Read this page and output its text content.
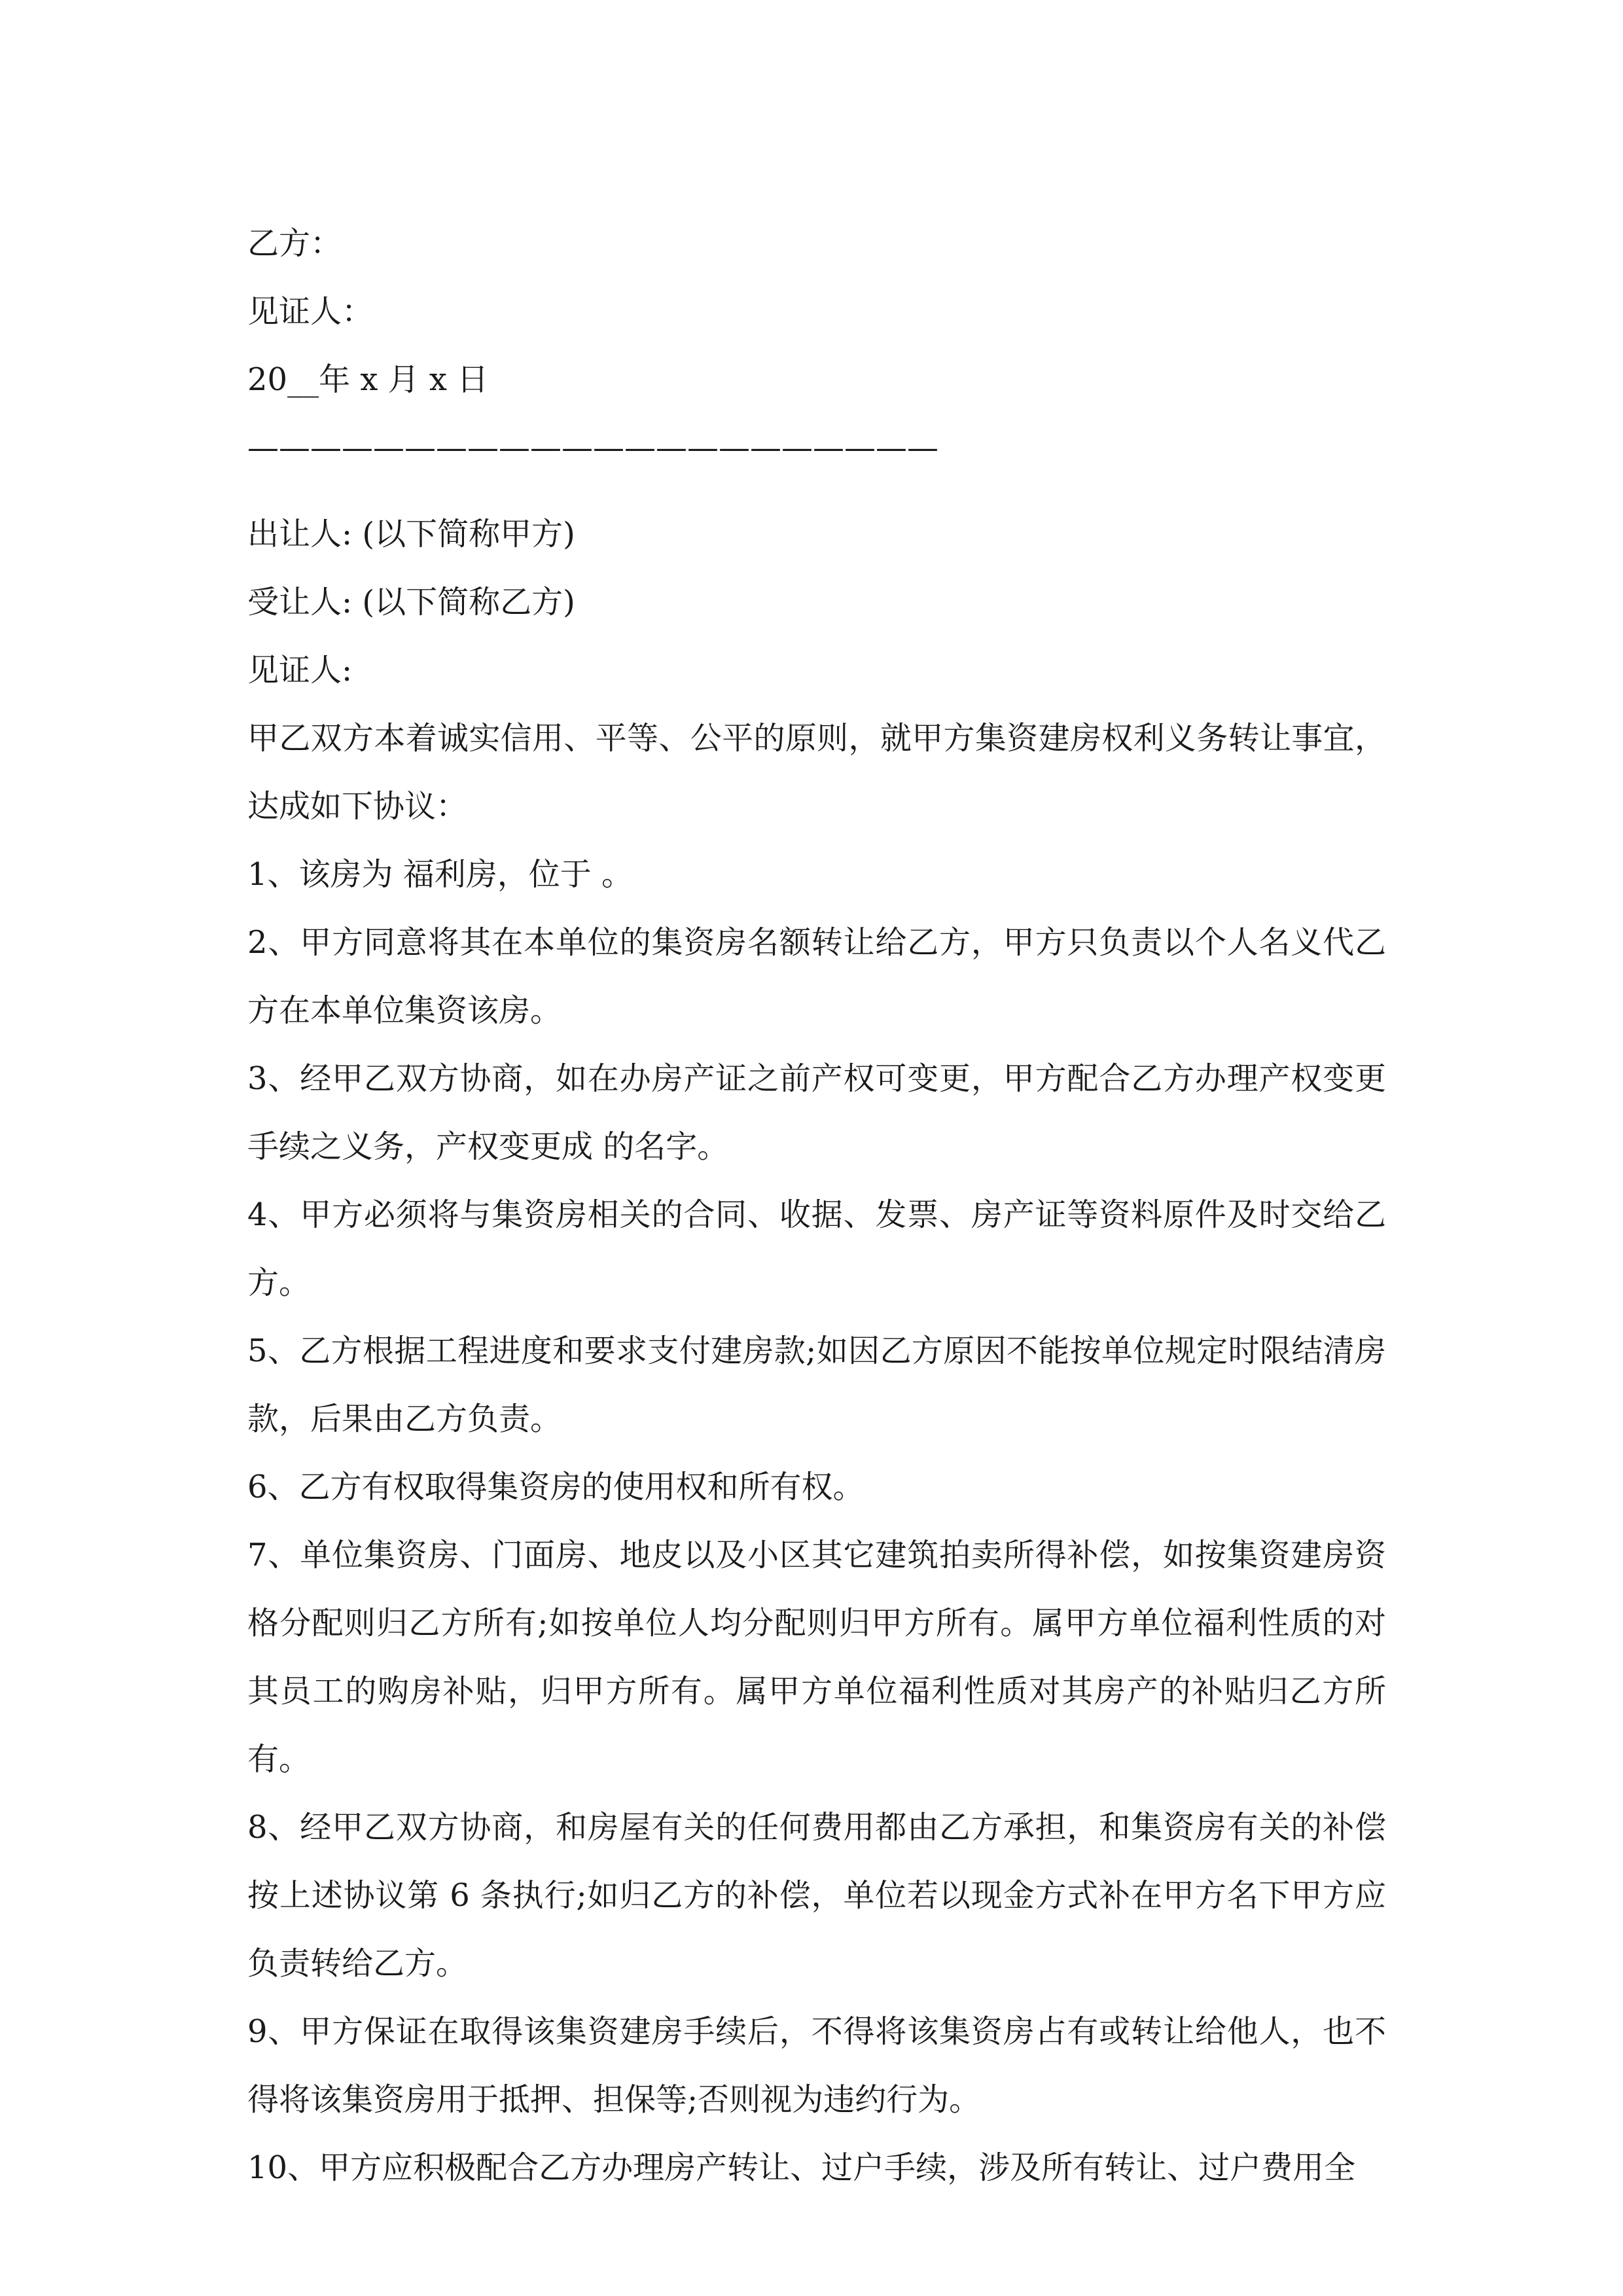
乙方：
见证人：
20__年 x 月 x 日
——————————————————————
出让人: (以下简称甲方)
受让人: (以下简称乙方)
见证人:

甲乙双方本着诚实信用、平等、公平的原则，就甲方集资建房权利义务转让事宜，达成如下协议：

1、该房为 福利房，位于 。

2、甲方同意将其在本单位的集资房名额转让给乙方，甲方只负责以个人名义代乙方在本单位集资该房。

3、经甲乙双方协商，如在办房产证之前产权可变更，甲方配合乙方办理产权变更手续之义务，产权变更成 的名字。

4、甲方必须将与集资房相关的合同、收据、发票、房产证等资料原件及时交给乙方。

5、乙方根据工程进度和要求支付建房款;如因乙方原因不能按单位规定时限结清房款，后果由乙方负责。

6、乙方有权取得集资房的使用权和所有权。

7、单位集资房、门面房、地皮以及小区其它建筑拍卖所得补偿，如按集资建房资格分配则归乙方所有;如按单位人均分配则归甲方所有。属甲方单位福利性质的对其员工的购房补贴，归甲方所有。属甲方单位福利性质对其房产的补贴归乙方所有。

8、经甲乙双方协商，和房屋有关的任何费用都由乙方承担，和集资房有关的补偿按上述协议第 6 条执行;如归乙方的补偿，单位若以现金方式补在甲方名下甲方应负责转给乙方。

9、甲方保证在取得该集资建房手续后，不得将该集资房占有或转让给他人，也不得将该集资房用于抵押、担保等;否则视为违约行为。

10、甲方应积极配合乙方办理房产转让、过户手续，涉及所有转让、过户费用全
